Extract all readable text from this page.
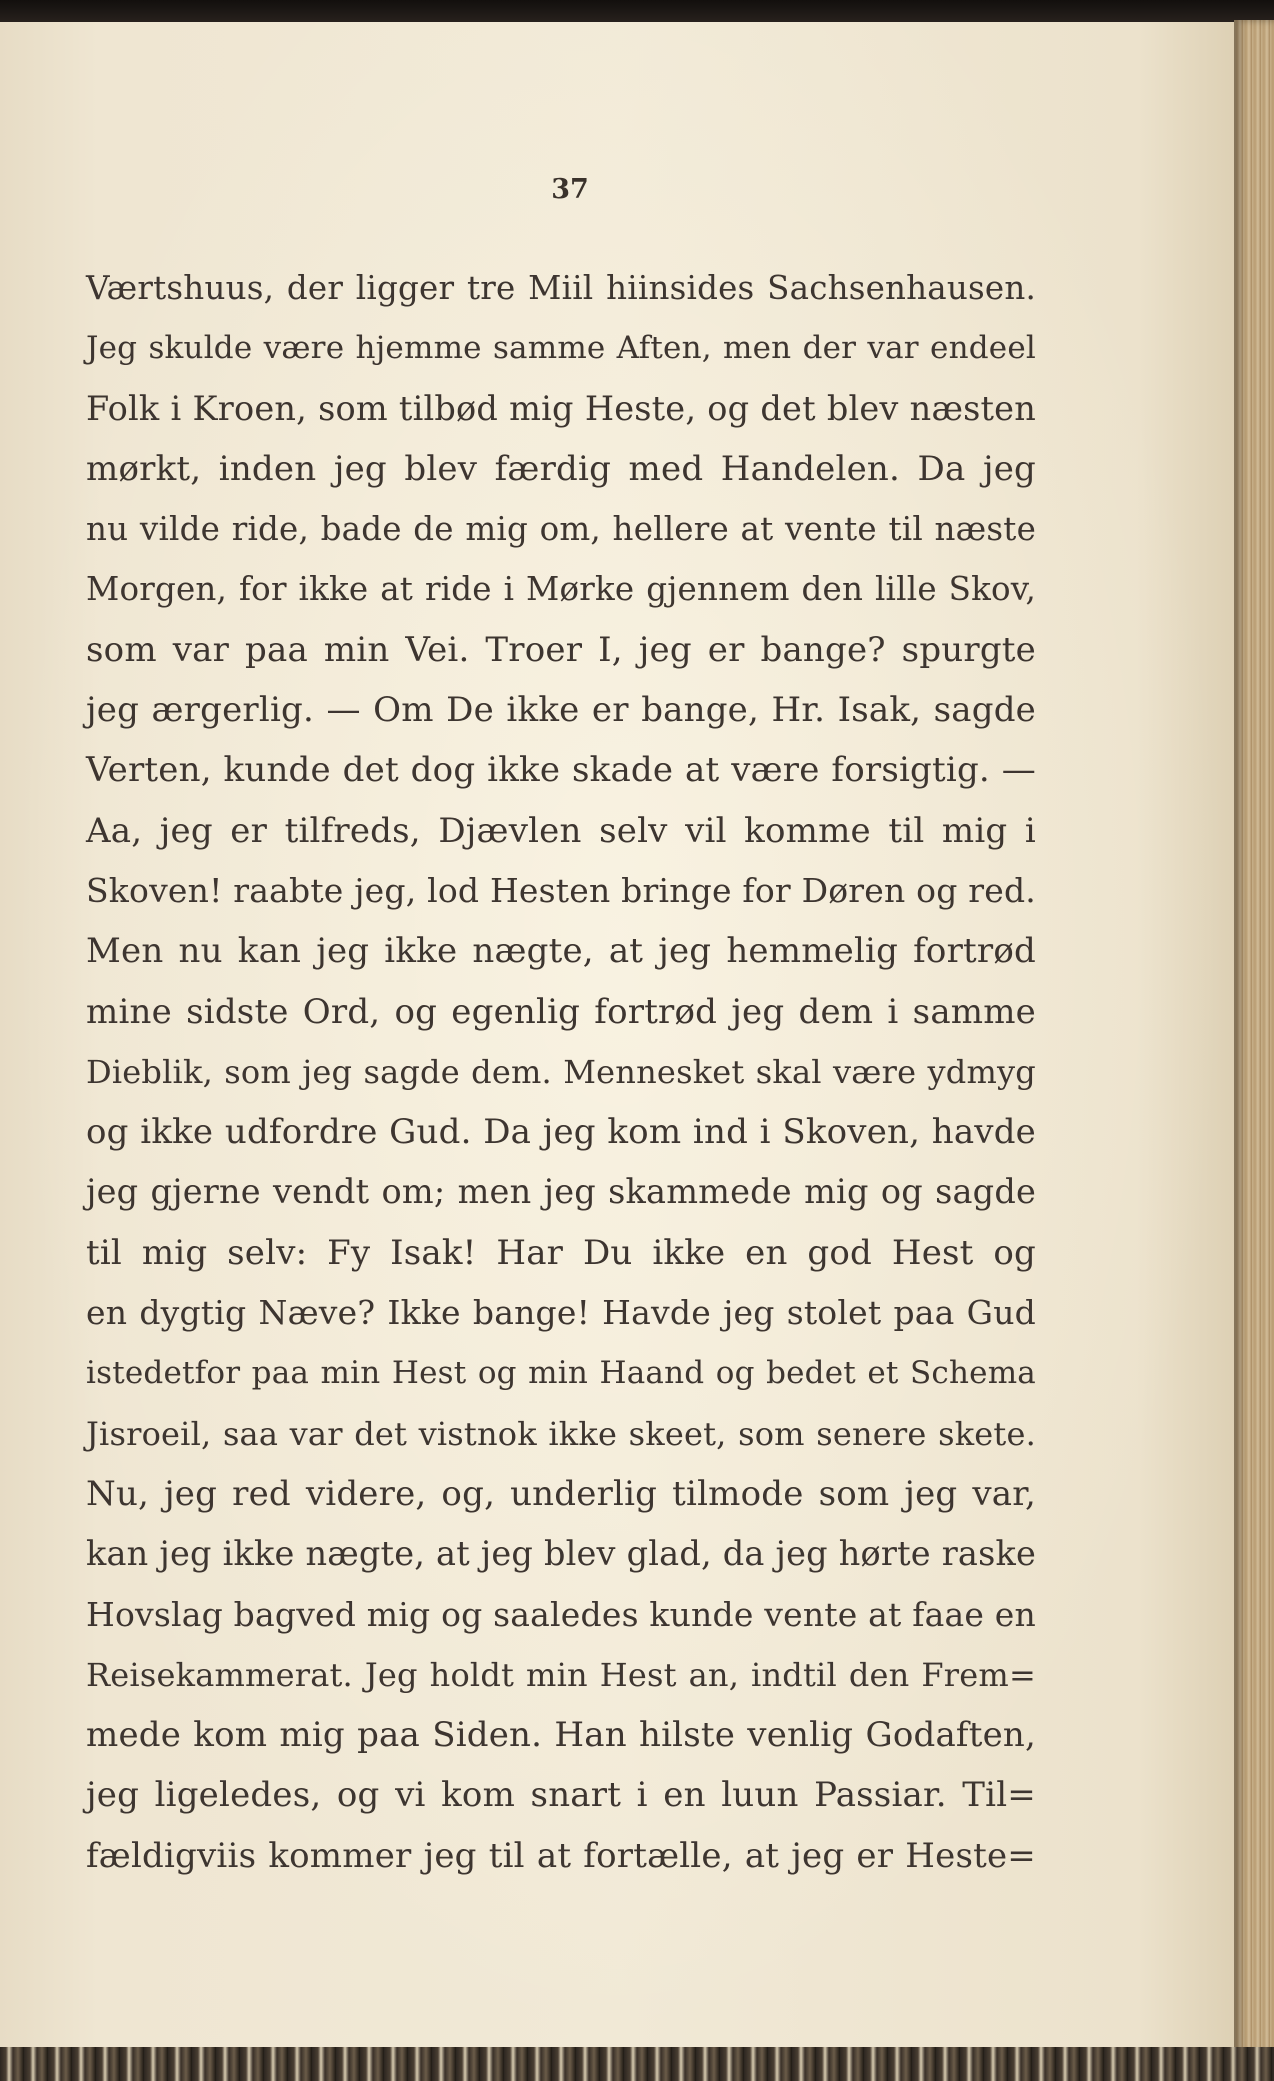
37
Værtshuus, der ligger tre Miil hiinsides Sachsenhausen.
Jeg skulde være hjemme samme Aften, men der var endeel
Folk i Kroen, som tilbød mig Heste, og det blev næsten
mørkt, inden jeg blev færdig med Handelen. Da jeg
nu vilde ride, bade de mig om, hellere at vente til næste
Morgen, for ikke at ride i Mørke gjennem den lille Skov,
som var paa min Vei. Troer I, jeg er bange? spurgte
jeg ærgerlig. — Om De ikke er bange, Hr. Isak, sagde
Verten, kunde det dog ikke skade at være forsigtig. —
Aa, jeg er tilfreds, Djævlen selv vil komme til mig i
Skoven! raabte jeg, lod Hesten bringe for Døren og red.
Men nu kan jeg ikke nægte, at jeg hemmelig fortrød
mine sidste Ord, og egenlig fortrød jeg dem i samme
Dieblik, som jeg sagde dem. Mennesket skal være ydmyg
og ikke udfordre Gud. Da jeg kom ind i Skoven, havde
jeg gjerne vendt om; men jeg skammede mig og sagde
til mig selv: Fy Isak! Har Du ikke en god Hest og
en dygtig Næve? Ikke bange! Havde jeg stolet paa Gud
istedetfor paa min Hest og min Haand og bedet et Schema
Jisroeil, saa var det vistnok ikke skeet, som senere skete.
Nu, jeg red videre, og, underlig tilmode som jeg var,
kan jeg ikke nægte, at jeg blev glad, da jeg hørte raske
Hovslag bagved mig og saaledes kunde vente at faae en
Reisekammerat. Jeg holdt min Hest an, indtil den Frem=
mede kom mig paa Siden. Han hilste venlig Godaften,
jeg ligeledes, og vi kom snart i en luun Passiar. Til=
fældigviis kommer jeg til at fortælle, at jeg er Heste=
